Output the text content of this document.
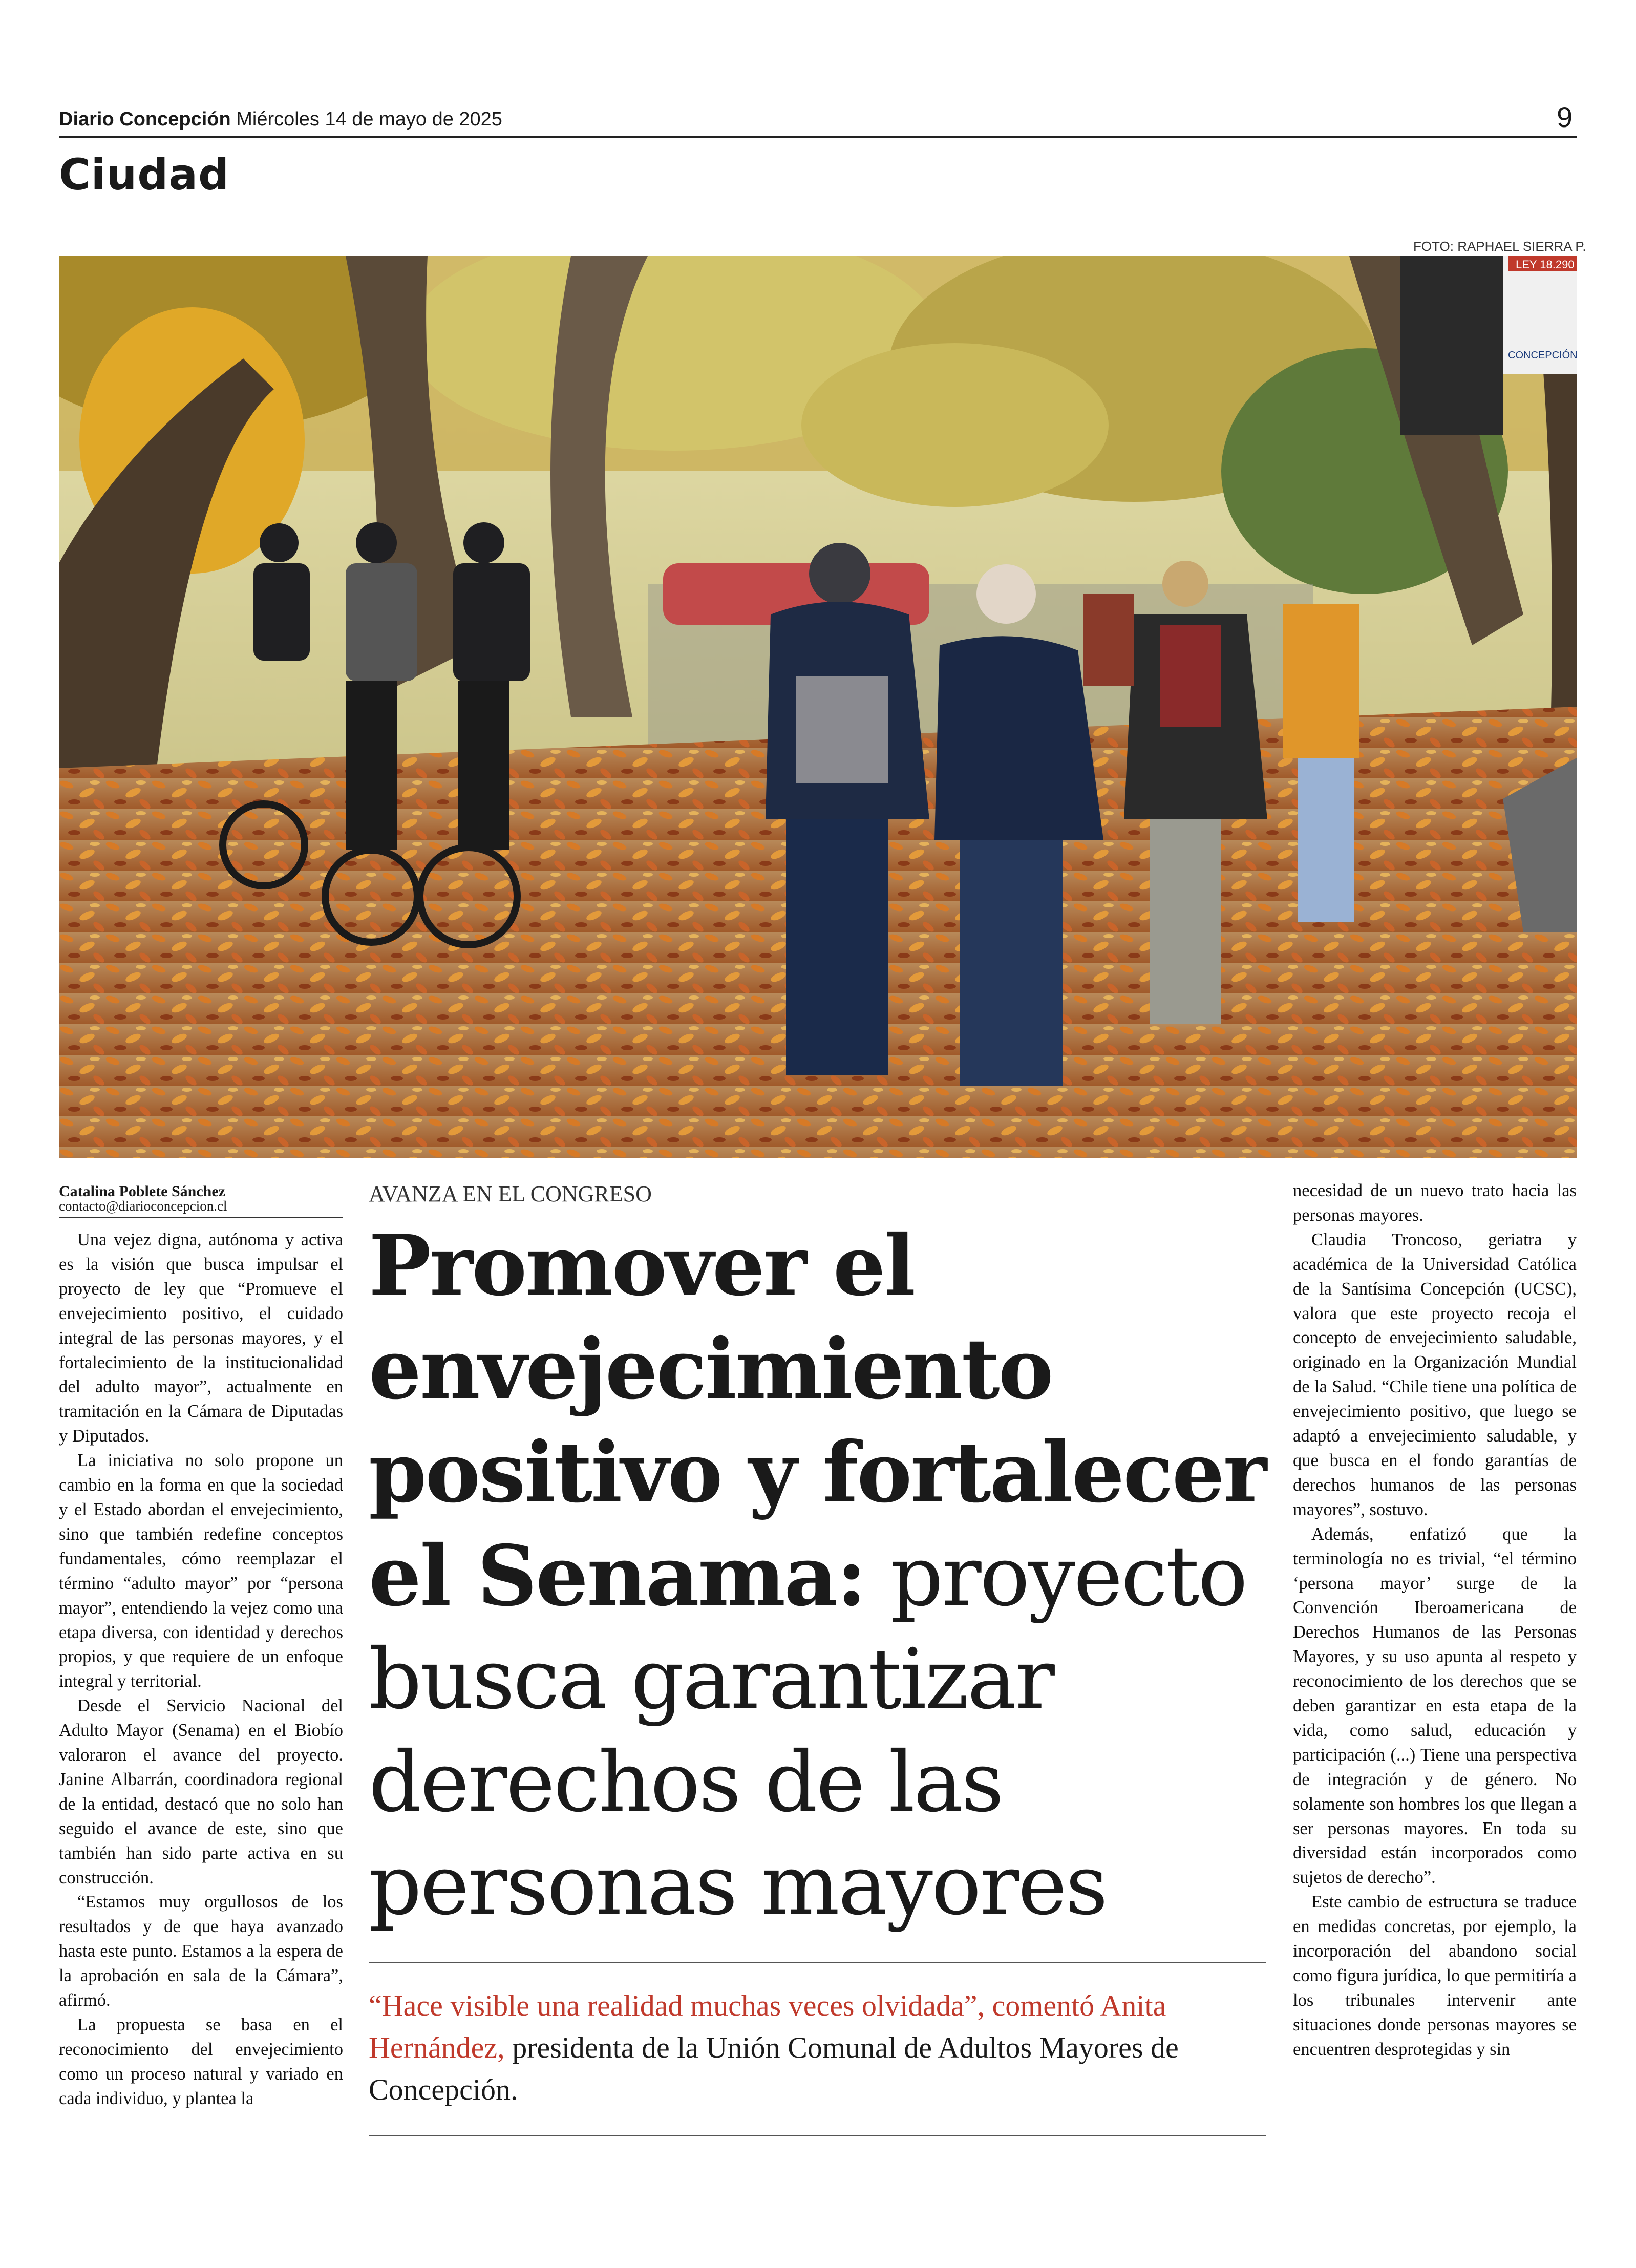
Diario Concepción Miércoles 14 de mayo de 2025	9
Ciudad
FOTO: RAPHAEL SIERRA P.
LEY 18.290
CONCEPCIÓN
Catalina Poblete Sánchez
contacto@diarioconcepcion.cl

Una vejez digna, autónoma y activa es la visión que busca impulsar el proyecto de ley que “Promueve el envejecimiento positivo, el cuidado integral de las personas mayores, y el fortalecimiento de la institucionalidad del adulto mayor”, actualmente en tramitación en la Cámara de Diputadas y Diputados.

La iniciativa no solo propone un cambio en la forma en que la sociedad y el Estado abordan el envejecimiento, sino que también redefine conceptos fundamentales, cómo reemplazar el término “adulto mayor” por “persona mayor”, entendiendo la vejez como una etapa diversa, con identidad y derechos propios, y que requiere de un enfoque integral y territorial.

Desde el Servicio Nacional del Adulto Mayor (Senama) en el Biobío valoraron el avance del proyecto. Janine Albarrán, coordinadora regional de la entidad, destacó que no solo han seguido el avance de este, sino que también han sido parte activa en su construcción.

“Estamos muy orgullosos de los resultados y de que haya avanzado hasta este punto. Estamos a la espera de la aprobación en sala de la Cámara”, afirmó.

La propuesta se basa en el reconocimiento del envejecimiento como un proceso natural y variado en cada individuo, y plantea la

AVANZA EN EL CONGRESO
Promover el envejecimiento positivo y fortalecer el Senama: proyecto busca garantizar derechos de las personas mayores
“Hace visible una realidad muchas veces olvidada”, comentó Anita Hernández, presidenta de la Unión Comunal de Adultos Mayores de Concepción.

necesidad de un nuevo trato hacia las personas mayores.

Claudia Troncoso, geriatra y académica de la Universidad Católica de la Santísima Concepción (UCSC), valora que este proyecto recoja el concepto de envejecimiento saludable, originado en la Organización Mundial de la Salud. “Chile tiene una política de envejecimiento positivo, que luego se adaptó a envejecimiento saludable, y que busca en el fondo garantías de derechos humanos de las personas mayores”, sostuvo.

Además, enfatizó que la terminología no es trivial, “el término ‘persona mayor’ surge de la Convención Iberoamericana de Derechos Humanos de las Personas Mayores, y su uso apunta al respeto y reconocimiento de los derechos que se deben garantizar en esta etapa de la vida, como salud, educación y participación (...) Tiene una perspectiva de integración y de género. No solamente son hombres los que llegan a ser personas mayores. En toda su diversidad están incorporados como sujetos de derecho”.

Este cambio de estructura se traduce en medidas concretas, por ejemplo, la incorporación del abandono social como figura jurídica, lo que permitiría a los tribunales intervenir ante situaciones donde personas mayores se encuentren desprotegidas y sin
